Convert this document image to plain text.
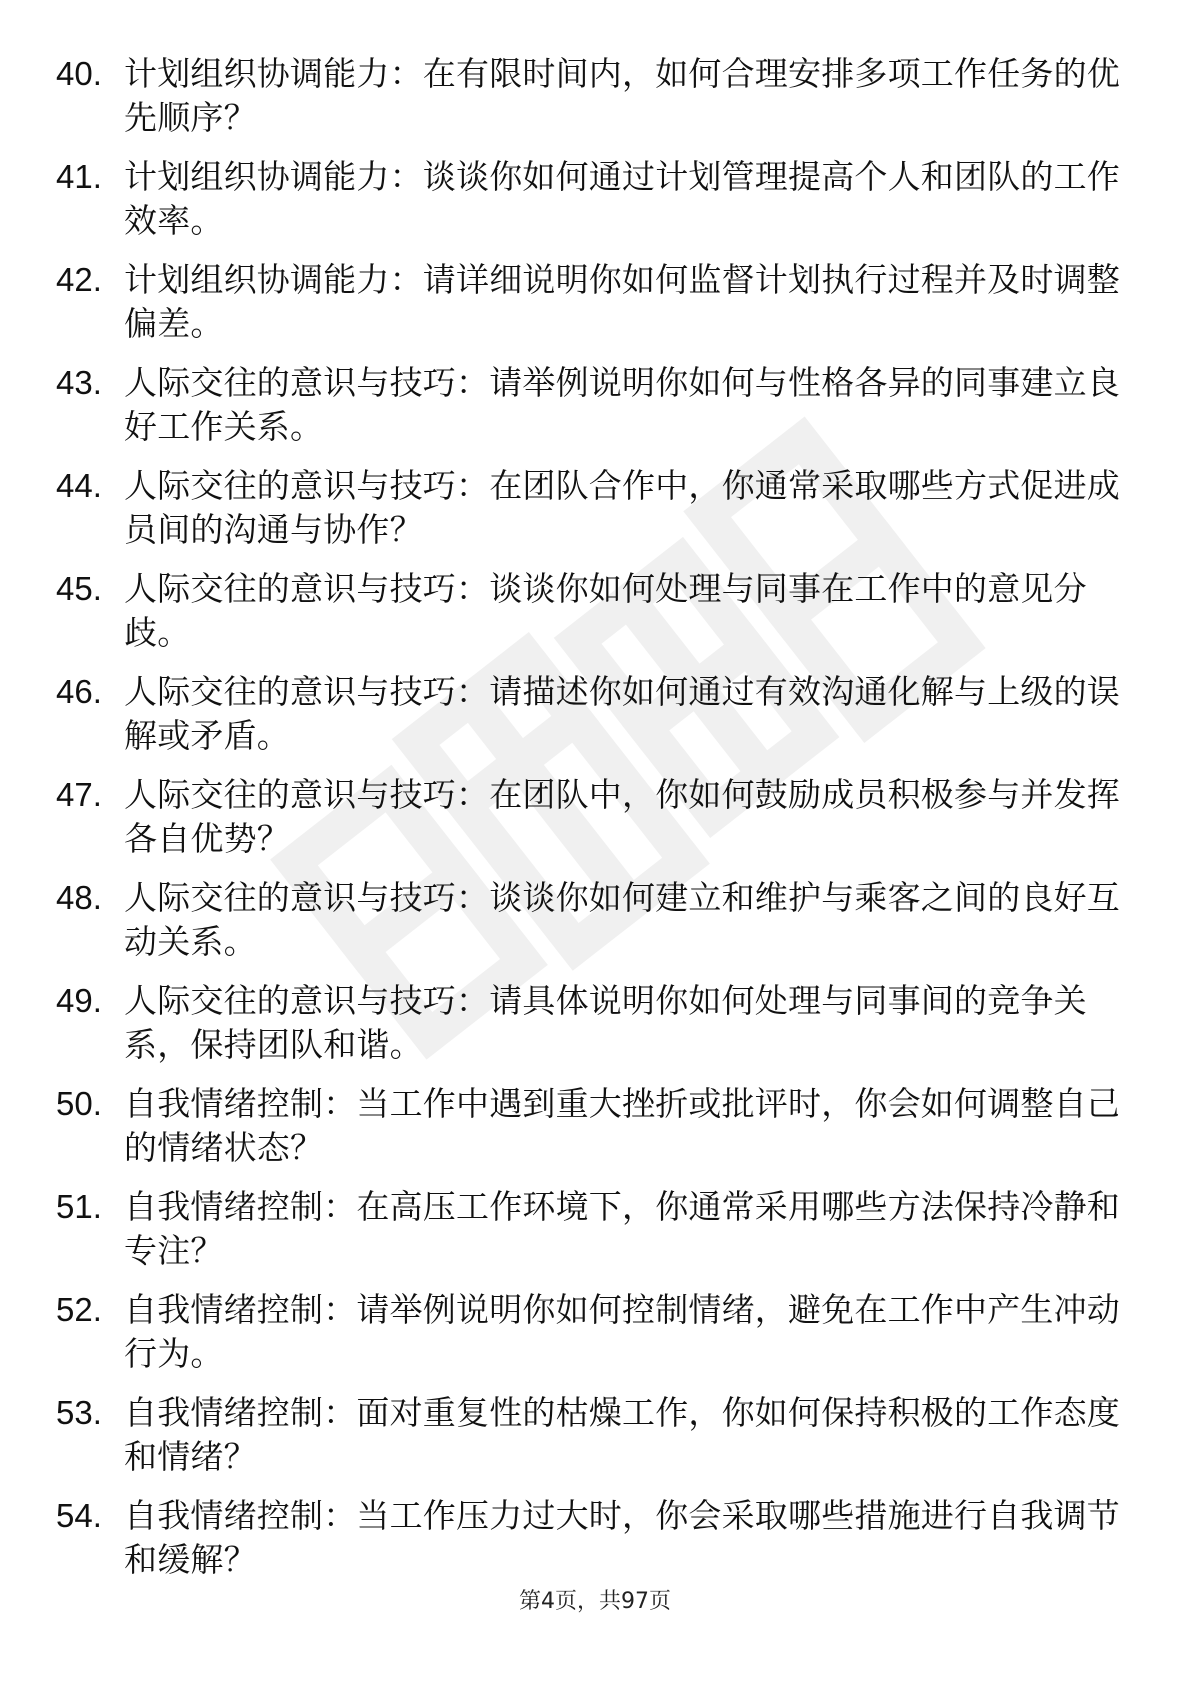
40. 计划组织协调能力：在有限时间内，如何合理安排多项工作任务的优先顺序？
41. 计划组织协调能力：谈谈你如何通过计划管理提高个人和团队的工作效率。
42. 计划组织协调能力：请详细说明你如何监督计划执行过程并及时调整偏差。
43. 人际交往的意识与技巧：请举例说明你如何与性格各异的同事建立良好工作关系。
44. 人际交往的意识与技巧：在团队合作中，你通常采取哪些方式促进成员间的沟通与协作？
45. 人际交往的意识与技巧：谈谈你如何处理与同事在工作中的意见分歧。
46. 人际交往的意识与技巧：请描述你如何通过有效沟通化解与上级的误解或矛盾。
47. 人际交往的意识与技巧：在团队中，你如何鼓励成员积极参与并发挥各自优势？
48. 人际交往的意识与技巧：谈谈你如何建立和维护与乘客之间的良好互动关系。
49. 人际交往的意识与技巧：请具体说明你如何处理与同事间的竞争关系，保持团队和谐。
50. 自我情绪控制：当工作中遇到重大挫折或批评时，你会如何调整自己的情绪状态？
51. 自我情绪控制：在高压工作环境下，你通常采用哪些方法保持冷静和专注？
52. 自我情绪控制：请举例说明你如何控制情绪，避免在工作中产生冲动行为。
53. 自我情绪控制：面对重复性的枯燥工作，你如何保持积极的工作态度和情绪？
54. 自我情绪控制：当工作压力过大时，你会采取哪些措施进行自我调节和缓解？
第4页，共97页
